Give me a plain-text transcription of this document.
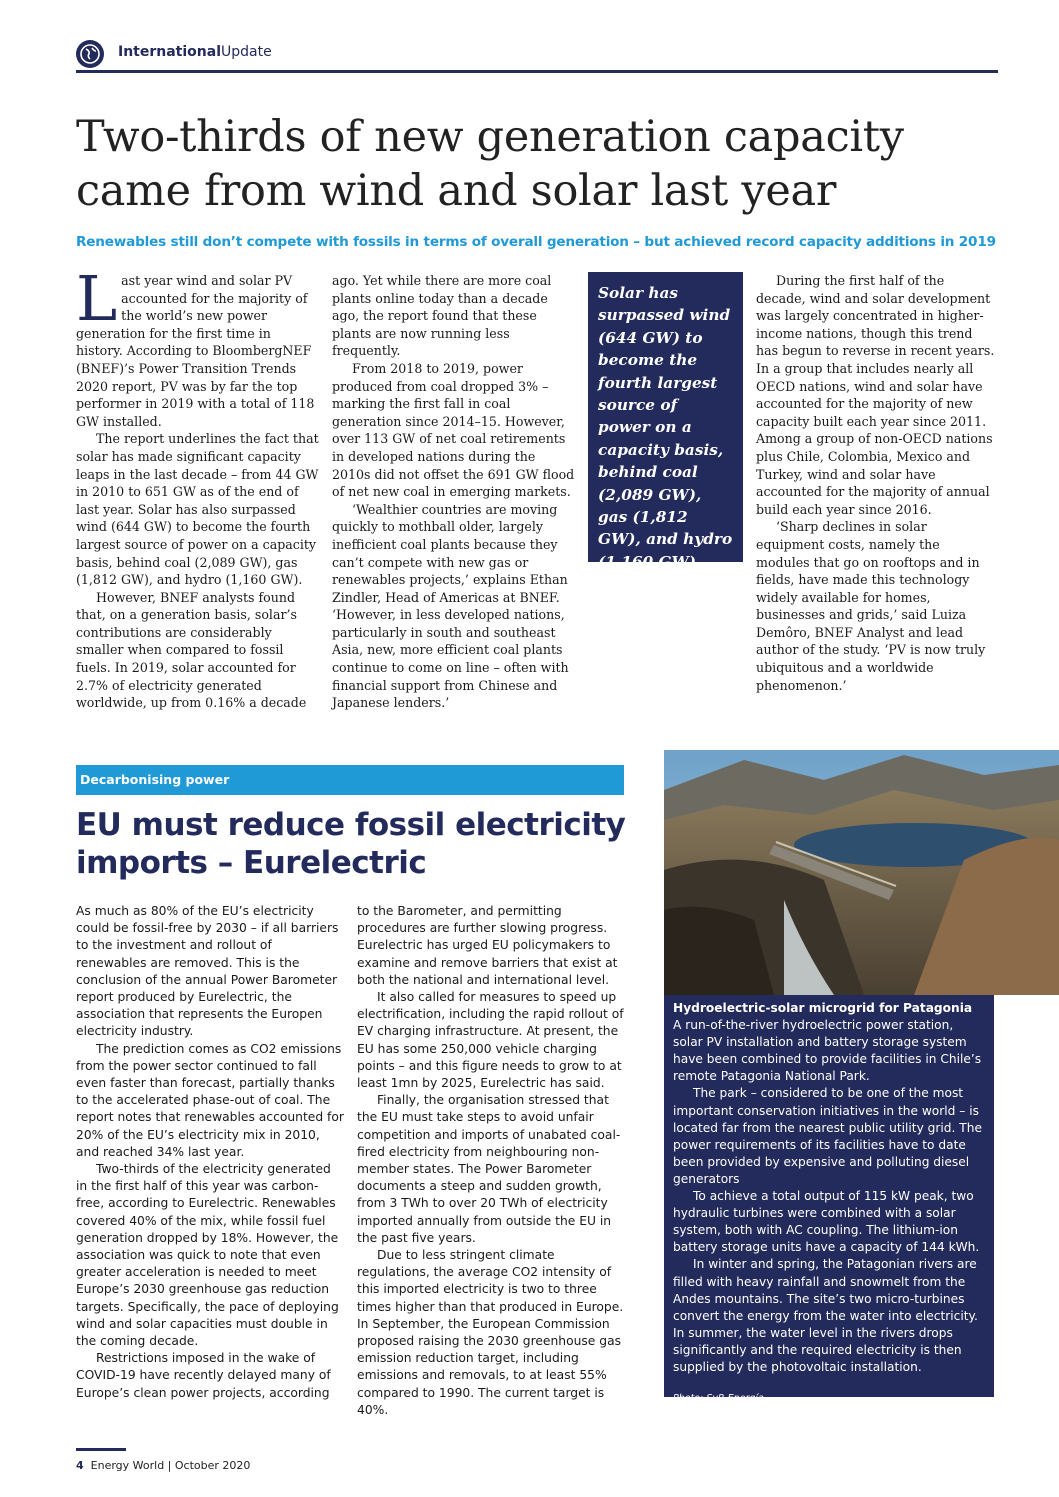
InternationalUpdate
Two-thirds of new generation capacity came from wind and solar last year
Renewables still don’t compete with fossils in terms of overall generation – but achieved record capacity additions in 2019

Last year wind and solar PV accounted for the majority of the world’s new power generation for the first time in history. According to BloombergNEF (BNEF)’s Power Transition Trends 2020 report, PV was by far the top performer in 2019 with a total of 118 GW installed.

The report underlines the fact that solar has made significant capacity leaps in the last decade – from 44 GW in 2010 to 651 GW as of the end of last year. Solar has also surpassed wind (644 GW) to become the fourth largest source of power on a capacity basis, behind coal (2,089 GW), gas (1,812 GW), and hydro (1,160 GW).

However, BNEF analysts found that, on a generation basis, solar’s contributions are considerably smaller when compared to fossil fuels. In 2019, solar accounted for 2.7% of electricity generated worldwide, up from 0.16% a decade

ago. Yet while there are more coal plants online today than a decade ago, the report found that these plants are now running less frequently.

From 2018 to 2019, power produced from coal dropped 3% – marking the first fall in coal generation since 2014–15. However, over 113 GW of net coal retirements in developed nations during the 2010s did not offset the 691 GW flood of net new coal in emerging markets.

‘Wealthier countries are moving quickly to mothball older, largely inefficient coal plants because they can’t compete with new gas or renewables projects,’ explains Ethan Zindler, Head of Americas at BNEF. ‘However, in less developed nations, particularly in south and southeast Asia, new, more efficient coal plants continue to come on line – often with financial support from Chinese and Japanese lenders.’

Solar has surpassed wind (644 GW) to become the fourth largest source of power on a capacity basis, behind coal (2,089 GW), gas (1,812 GW), and hydro (1,160 GW)

During the first half of the decade, wind and solar development was largely concentrated in higher-income nations, though this trend has begun to reverse in recent years. In a group that includes nearly all OECD nations, wind and solar have accounted for the majority of new capacity built each year since 2011. Among a group of non-OECD nations plus Chile, Colombia, Mexico and Turkey, wind and solar have accounted for the majority of annual build each year since 2016.

‘Sharp declines in solar equipment costs, namely the modules that go on rooftops and in fields, have made this technology widely available for homes, businesses and grids,’ said Luiza Demôro, BNEF Analyst and lead author of the study. ‘PV is now truly ubiquitous and a worldwide phenomenon.’

Decarbonising power
EU must reduce fossil electricity imports – Eurelectric

As much as 80% of the EU’s electricity could be fossil-free by 2030 – if all barriers to the investment and rollout of renewables are removed. This is the conclusion of the annual Power Barometer report produced by Eurelectric, the association that represents the Europen electricity industry.

The prediction comes as CO2 emissions from the power sector continued to fall even faster than forecast, partially thanks to the accelerated phase-out of coal. The report notes that renewables accounted for 20% of the EU’s electricity mix in 2010, and reached 34% last year.

Two-thirds of the electricity generated in the first half of this year was carbon-free, according to Eurelectric. Renewables covered 40% of the mix, while fossil fuel generation dropped by 18%. However, the association was quick to note that even greater acceleration is needed to meet Europe’s 2030 greenhouse gas reduction targets. Specifically, the pace of deploying wind and solar capacities must double in the coming decade.

Restrictions imposed in the wake of COVID-19 have recently delayed many of Europe’s clean power projects, according

to the Barometer, and permitting procedures are further slowing progress. Eurelectric has urged EU policymakers to examine and remove barriers that exist at both the national and international level.

It also called for measures to speed up electrification, including the rapid rollout of EV charging infrastructure. At present, the EU has some 250,000 vehicle charging points – and this figure needs to grow to at least 1mn by 2025, Eurelectric has said.

Finally, the organisation stressed that the EU must take steps to avoid unfair competition and imports of unabated coal-fired electricity from neighbouring non-member states. The Power Barometer documents a steep and sudden growth, from 3 TWh to over 20 TWh of electricity imported annually from outside the EU in the past five years.

Due to less stringent climate regulations, the average CO2 intensity of this imported electricity is two to three times higher than that produced in Europe. In September, the European Commission proposed raising the 2030 greenhouse gas emission reduction target, including emissions and removals, to at least 55% compared to 1990. The current target is 40%.

Hydroelectric-solar microgrid for Patagonia

A run-of-the-river hydroelectric power station, solar PV installation and battery storage system have been combined to provide facilities in Chile’s remote Patagonia National Park.

The park – considered to be one of the most important conservation initiatives in the world – is located far from the nearest public utility grid. The power requirements of its facilities have to date been provided by expensive and polluting diesel generators

To achieve a total output of 115 kW peak, two hydraulic turbines were combined with a solar system, both with AC coupling. The lithium-ion battery storage units have a capacity of 144 kWh.

In winter and spring, the Patagonian rivers are filled with heavy rainfall and snowmelt from the Andes mountains. The site’s two micro-turbines convert the energy from the water into electricity. In summer, the water level in the rivers drops significantly and the required electricity is then supplied by the photovoltaic installation.

Photo: SyR Energía
4 Energy World | October 2020
